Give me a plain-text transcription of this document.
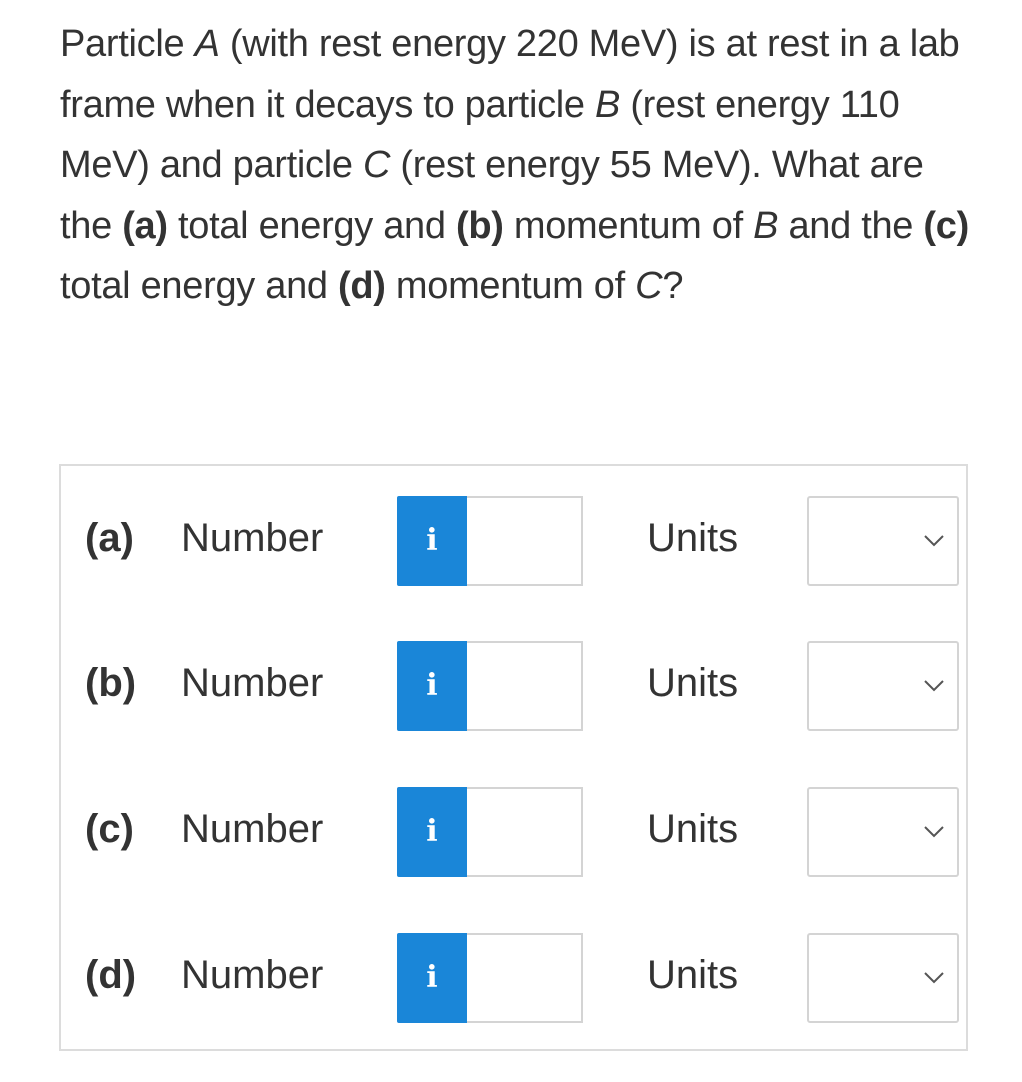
Particle A (with rest energy 220 MeV) is at rest in a lab frame when it decays to particle B (rest energy 110 MeV) and particle C (rest energy 55 MeV). What are the (a) total energy and (b) momentum of B and the (c) total energy and (d) momentum of C?
(a) Number	i	Units
(b) Number	i	Units
(c) Number	i	Units
(d) Number	i	Units
